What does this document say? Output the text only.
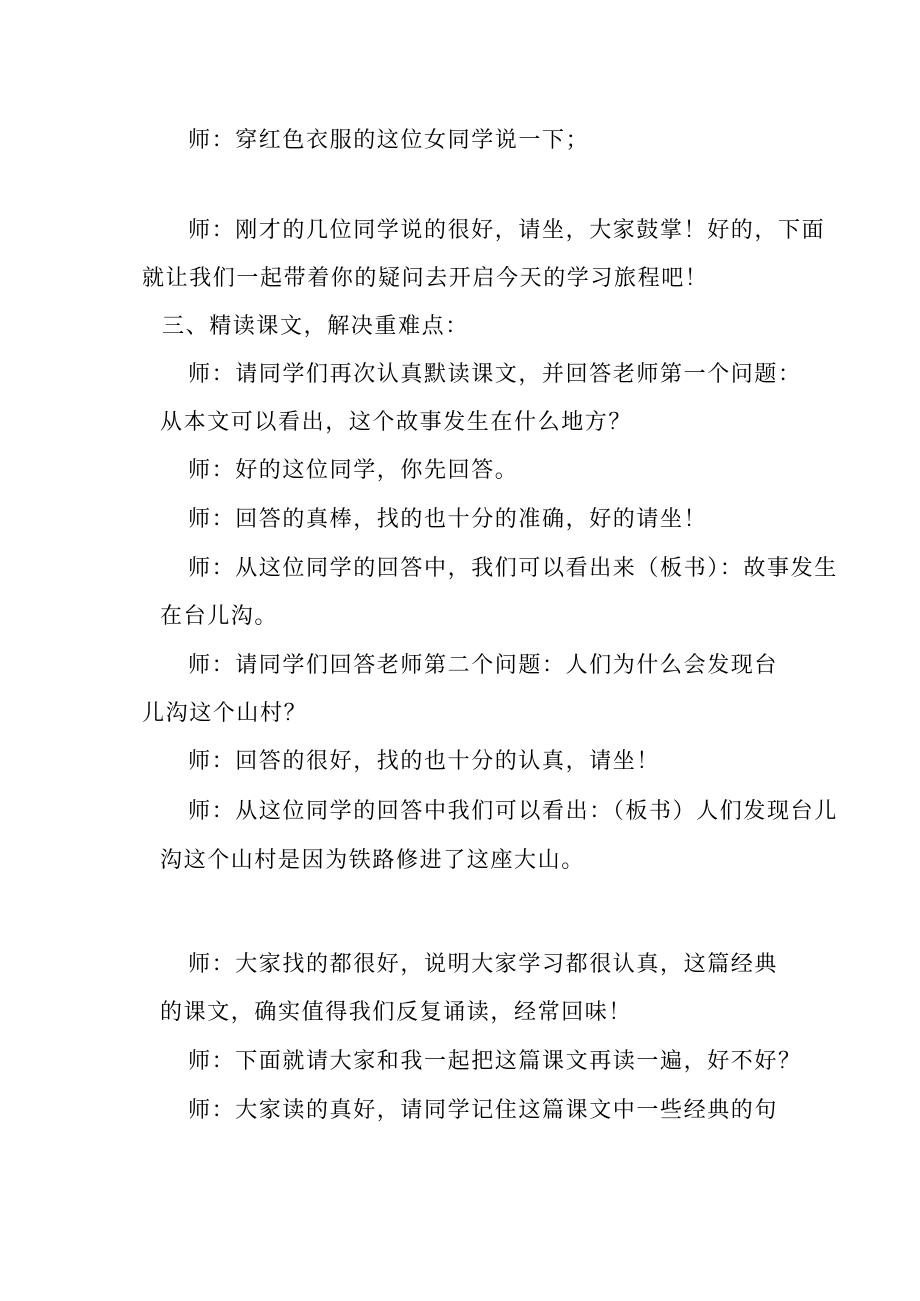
师：穿红色衣服的这位女同学说一下；
师：刚才的几位同学说的很好，请坐，大家鼓掌！好的，下面
就让我们一起带着你的疑问去开启今天的学习旅程吧！
三、精读课文，解决重难点：
师：请同学们再次认真默读课文，并回答老师第一个问题：
从本文可以看出，这个故事发生在什么地方？
师：好的这位同学，你先回答。
师：回答的真棒，找的也十分的准确，好的请坐！
师：从这位同学的回答中，我们可以看出来（板书）：故事发生
在台儿沟。
师：请同学们回答老师第二个问题：人们为什么会发现台
儿沟这个山村？
师：回答的很好，找的也十分的认真，请坐！
师：从这位同学的回答中我们可以看出：（板书）人们发现台儿
沟这个山村是因为铁路修进了这座大山。
师：大家找的都很好，说明大家学习都很认真，这篇经典
的课文，确实值得我们反复诵读，经常回味！
师：下面就请大家和我一起把这篇课文再读一遍，好不好？
师：大家读的真好，请同学记住这篇课文中一些经典的句
